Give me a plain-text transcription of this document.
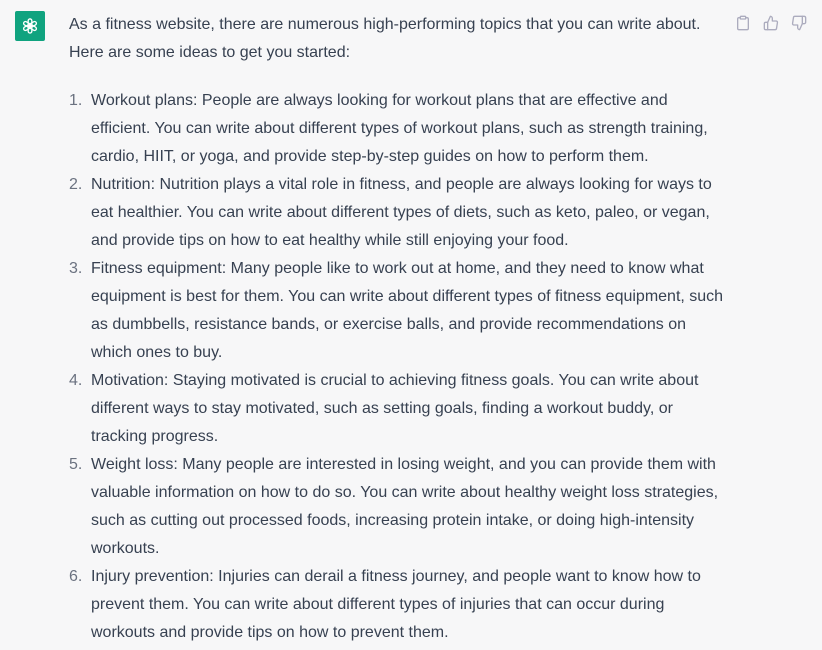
As a fitness website, there are numerous high-performing topics that you can write about. Here are some ideas to get you started:

1. Workout plans: People are always looking for workout plans that are effective and efficient. You can write about different types of workout plans, such as strength training, cardio, HIIT, or yoga, and provide step-by-step guides on how to perform them.
2. Nutrition: Nutrition plays a vital role in fitness, and people are always looking for ways to eat healthier. You can write about different types of diets, such as keto, paleo, or vegan, and provide tips on how to eat healthy while still enjoying your food.
3. Fitness equipment: Many people like to work out at home, and they need to know what equipment is best for them. You can write about different types of fitness equipment, such as dumbbells, resistance bands, or exercise balls, and provide recommendations on which ones to buy.
4. Motivation: Staying motivated is crucial to achieving fitness goals. You can write about different ways to stay motivated, such as setting goals, finding a workout buddy, or tracking progress.
5. Weight loss: Many people are interested in losing weight, and you can provide them with valuable information on how to do so. You can write about healthy weight loss strategies, such as cutting out processed foods, increasing protein intake, or doing high-intensity workouts.
6. Injury prevention: Injuries can derail a fitness journey, and people want to know how to prevent them. You can write about different types of injuries that can occur during workouts and provide tips on how to prevent them.
